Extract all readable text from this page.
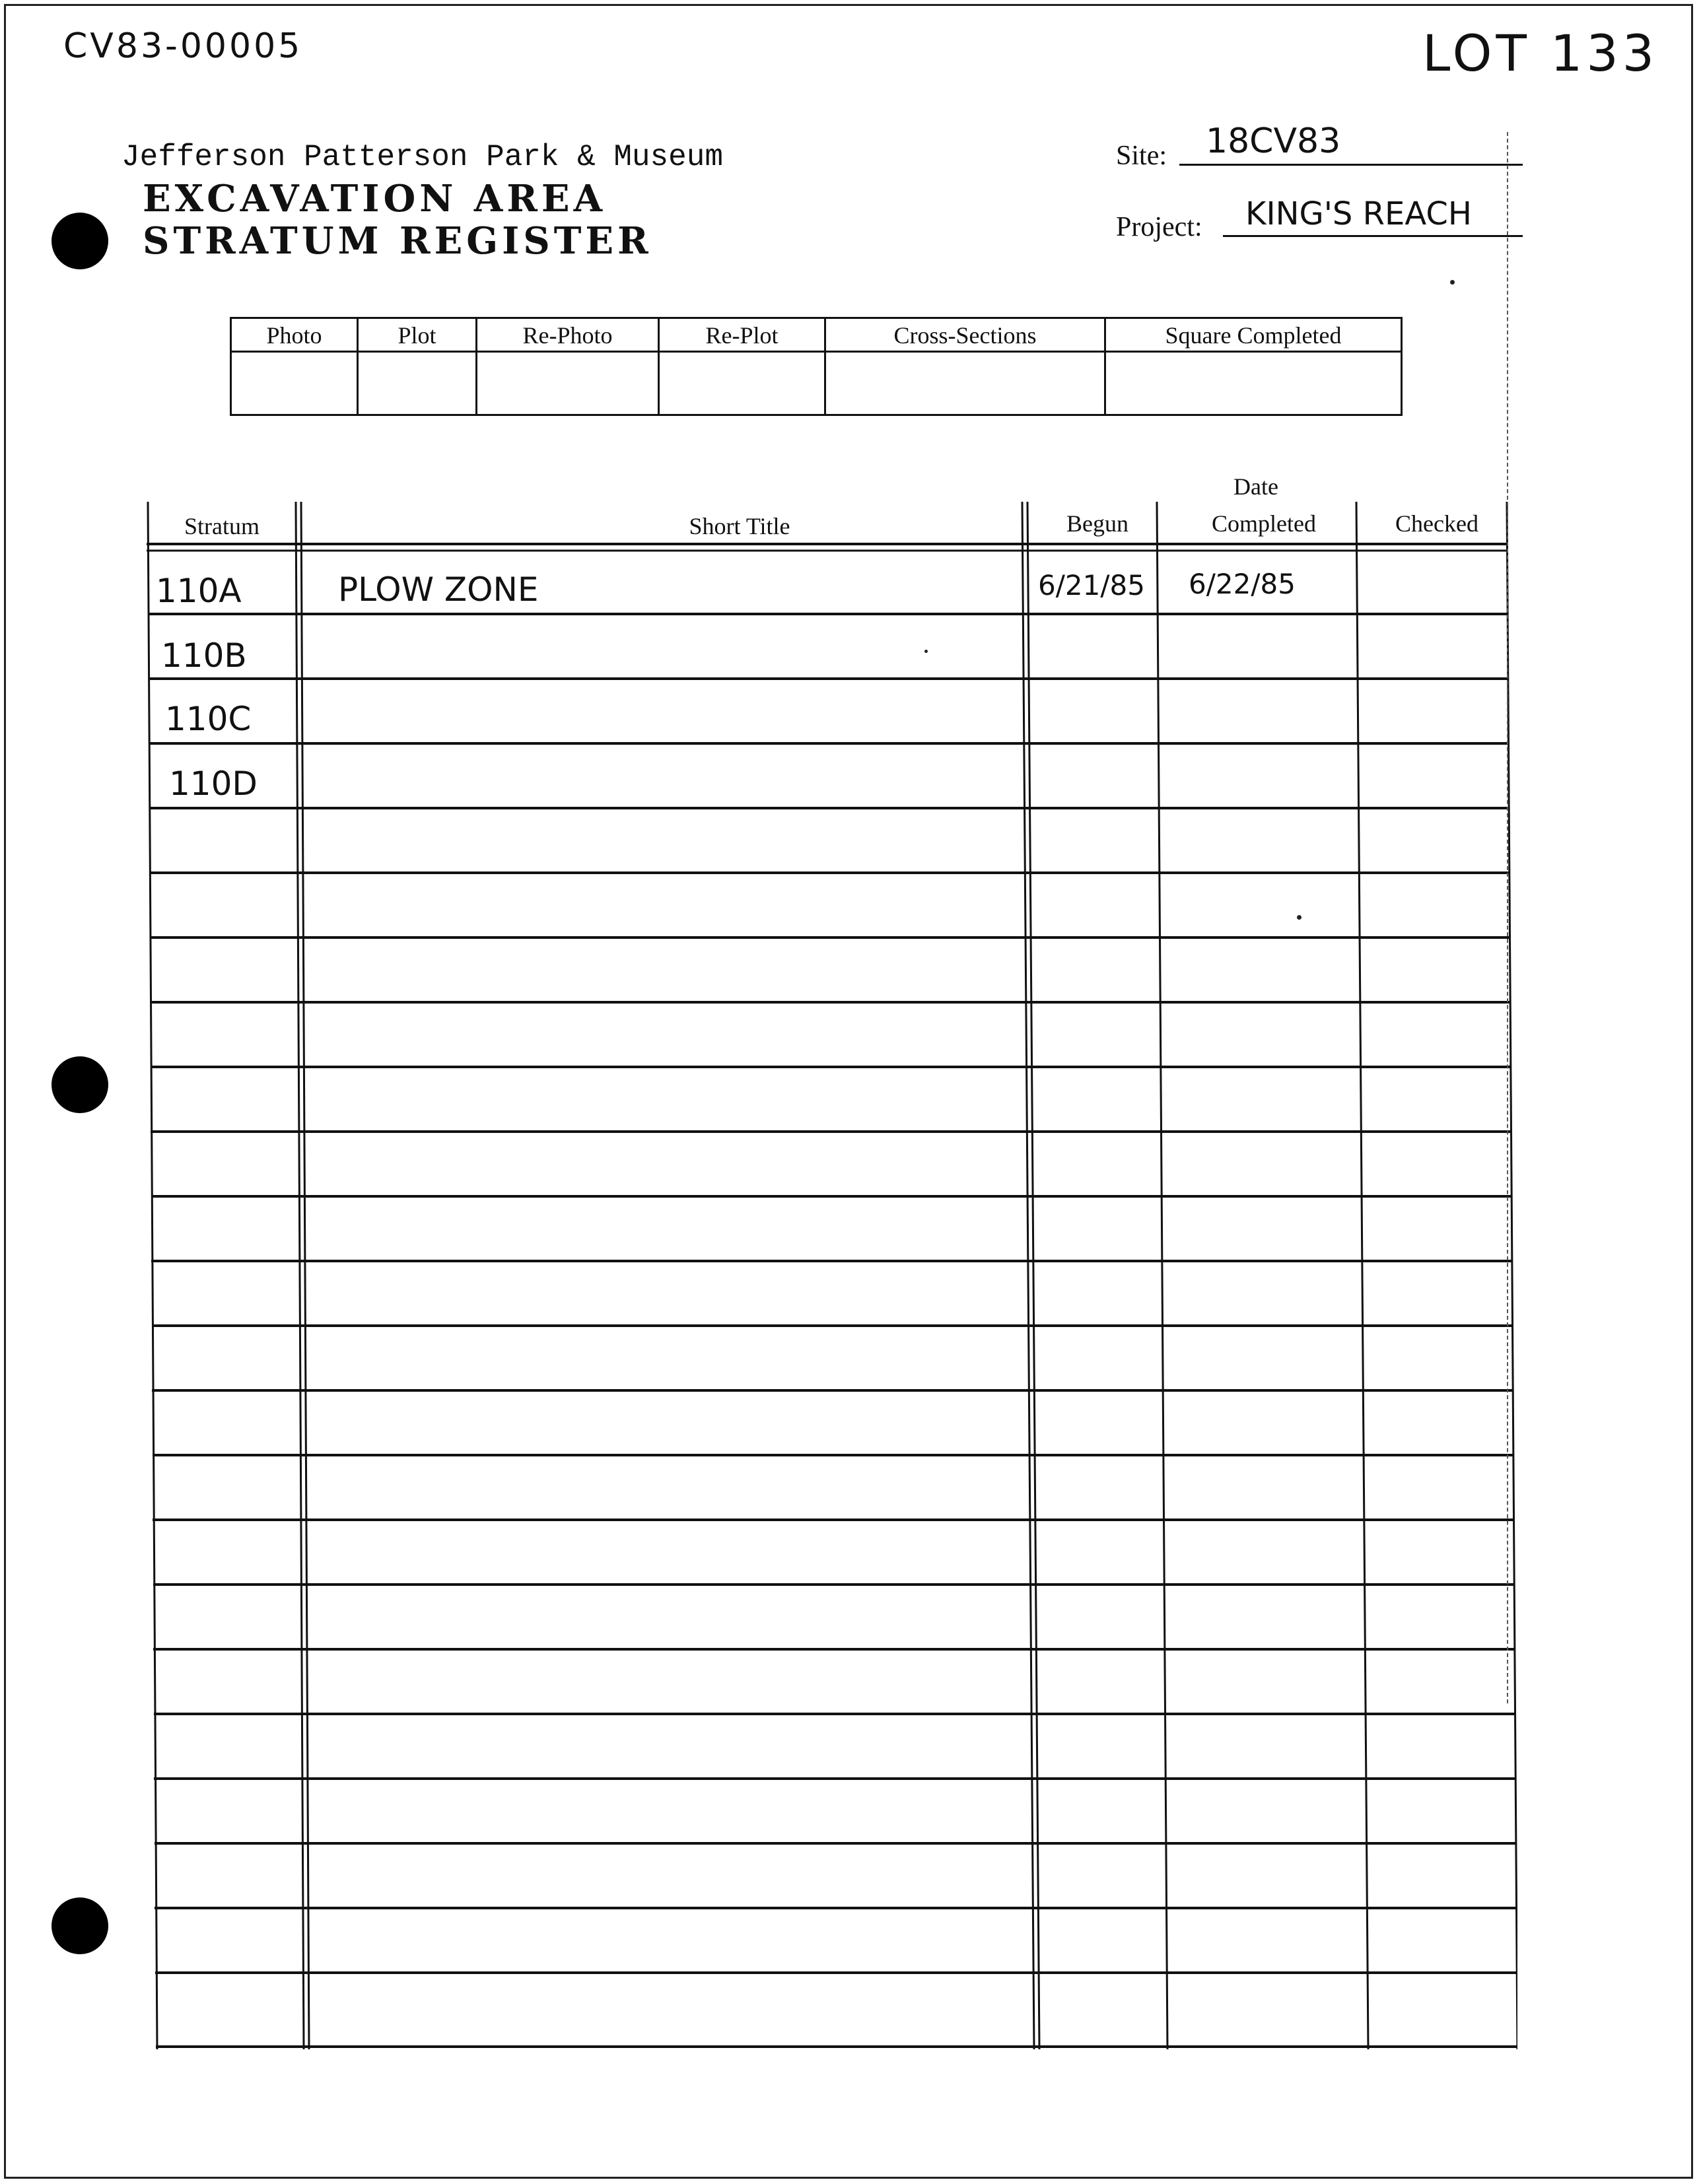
CV83-00005	LOT 133
Jefferson Patterson Park & Museum
EXCAVATION AREA
STRATUM REGISTER
Site: 18CV83
Project: KING'S REACH
Photo	Plot	Re-Photo	Re-Plot	Cross-Sections	Square Completed
Date
Stratum	Short Title	Begun	Completed	Checked
110A	PLOW ZONE	6/21/85 6/22/85
110B
110C
110D
